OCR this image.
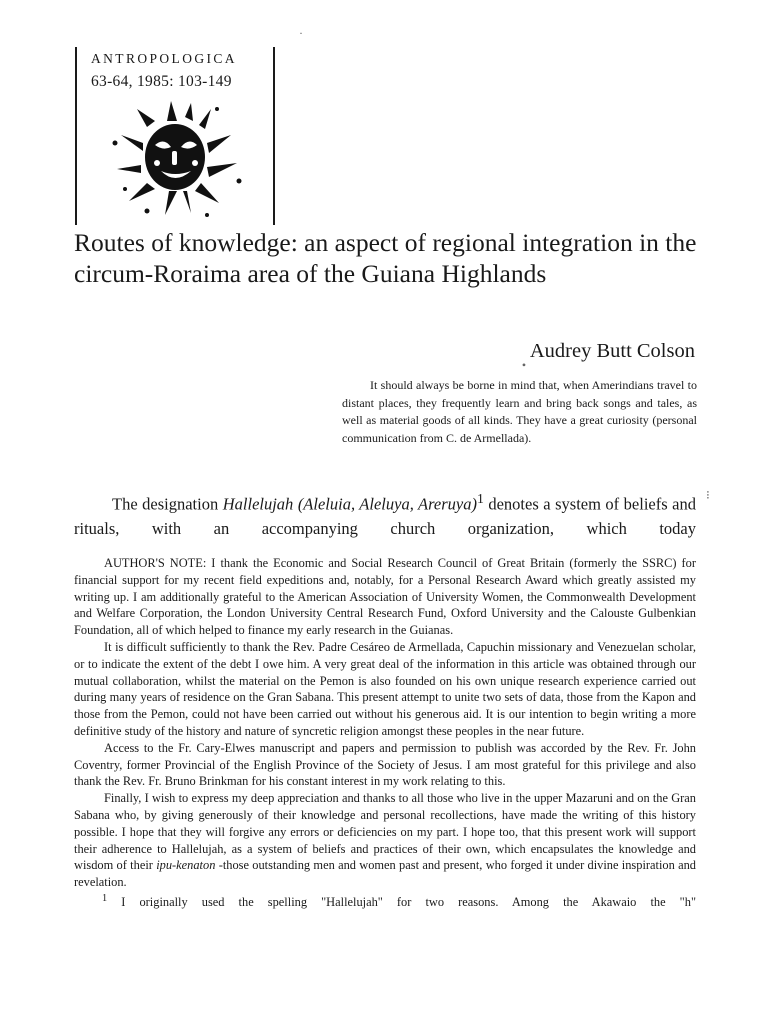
ANTROPOLOGICA
63-64, 1985: 103-149
Routes of knowledge: an aspect of regional integration in the circum-Roraima area of the Guiana Highlands
•
Audrey Butt Colson

It should always be borne in mind that, when Amerindians travel to distant places, they frequently learn and bring back songs and tales, as well as material goods of all kinds. They have a great curiosity (personal communication from C. de Armellada).

The designation Hallelujah (Aleluia, Aleluya, Areruya)$^1$ denotes a system of beliefs and rituals, with an accompanying church organization, which today

AUTHOR'S NOTE: I thank the Economic and Social Research Council of Great Britain (formerly the SSRC) for financial support for my recent field expeditions and, notably, for a Personal Research Award which greatly assisted my writing up. I am additionally grateful to the American Association of University Women, the Commonwealth Development and Welfare Corporation, the London University Central Research Fund, Oxford University and the Calouste Gulbenkian Foundation, all of which helped to finance my early research in the Guianas.

It is difficult sufficiently to thank the Rev. Padre Cesáreo de Armellada, Capuchin missionary and Venezuelan scholar, or to indicate the extent of the debt I owe him. A very great deal of the information in this article was obtained through our mutual collaboration, whilst the material on the Pemon is also founded on his own unique research experience carried out during many years of residence on the Gran Sabana. This present attempt to unite two sets of data, those from the Kapon and those from the Pemon, could not have been carried out without his generous aid. It is our intention to begin writing a more definitive study of the history and nature of syncretic religion amongst these peoples in the near future.

Access to the Fr. Cary-Elwes manuscript and papers and permission to publish was accorded by the Rev. Fr. John Coventry, former Provincial of the English Province of the Society of Jesus. I am most grateful for this privilege and also thank the Rev. Fr. Bruno Brinkman for his constant interest in my work relating to this.

Finally, I wish to express my deep appreciation and thanks to all those who live in the upper Mazaruni and on the Gran Sabana who, by giving generously of their knowledge and personal recollections, have made the writing of this history possible. I hope that they will forgive any errors or deficiencies on my part. I hope too, that this present work will support their adherence to Hallelujah, as a system of beliefs and practices of their own, which encapsulates the knowledge and wisdom of their ipu-kenaton -those outstanding men and women past and present, who forged it under divine inspiration and revelation.

$^1$ I originally used the spelling "Hallelujah" for two reasons. Among the Akawaio the "h"

·
⁝
